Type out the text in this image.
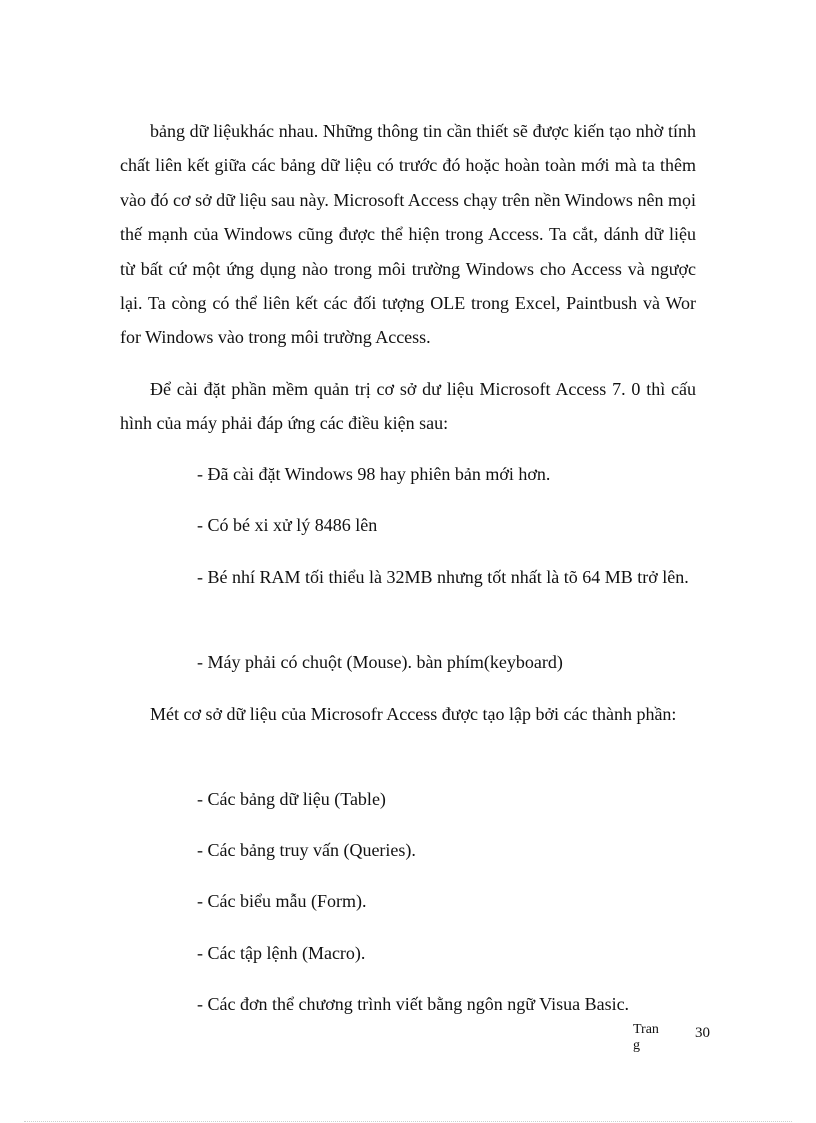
bảng dữ liệukhác nhau. Những thông tin cần thiết sẽ được kiến tạo nhờ tính chất liên kết giữa các bảng dữ liệu có trước đó hoặc hoàn toàn mới mà ta thêm vào đó cơ sở dữ liệu sau này. Microsoft Access chạy trên nền Windows nên mọi thế mạnh của Windows cũng được thể hiện trong Access. Ta cắt, dánh dữ liệu từ bất cứ một ứng dụng nào trong môi trường Windows cho Access và ngược lại. Ta còng có thể liên kết các đối tượng OLE trong Excel, Paintbush và Wor for Windows vào trong môi trường Access.

Để cài đặt phần mềm quản trị cơ sở dư liệu Microsoft Access 7. 0 thì cấu hình của máy phải đáp ứng các điều kiện sau:

- Đã cài đặt Windows 98 hay phiên bản mới hơn.

- Có bé xi xử lý 8486 lên

- Bé nhí RAM tối thiểu là 32MB nhưng tốt nhất là tõ 64 MB trở lên.

- Máy phải có chuột (Mouse). bàn phím(keyboard)

Mét cơ sở dữ liệu của Microsofr Access được tạo lập bởi các thành phần:

- Các bảng dữ liệu (Table)

- Các bảng truy vấn (Queries).

- Các biểu mẫu (Form).

- Các tập lệnh (Macro).

- Các đơn thể chương trình viết bằng ngôn ngữ Visua Basic.

Trang
30
